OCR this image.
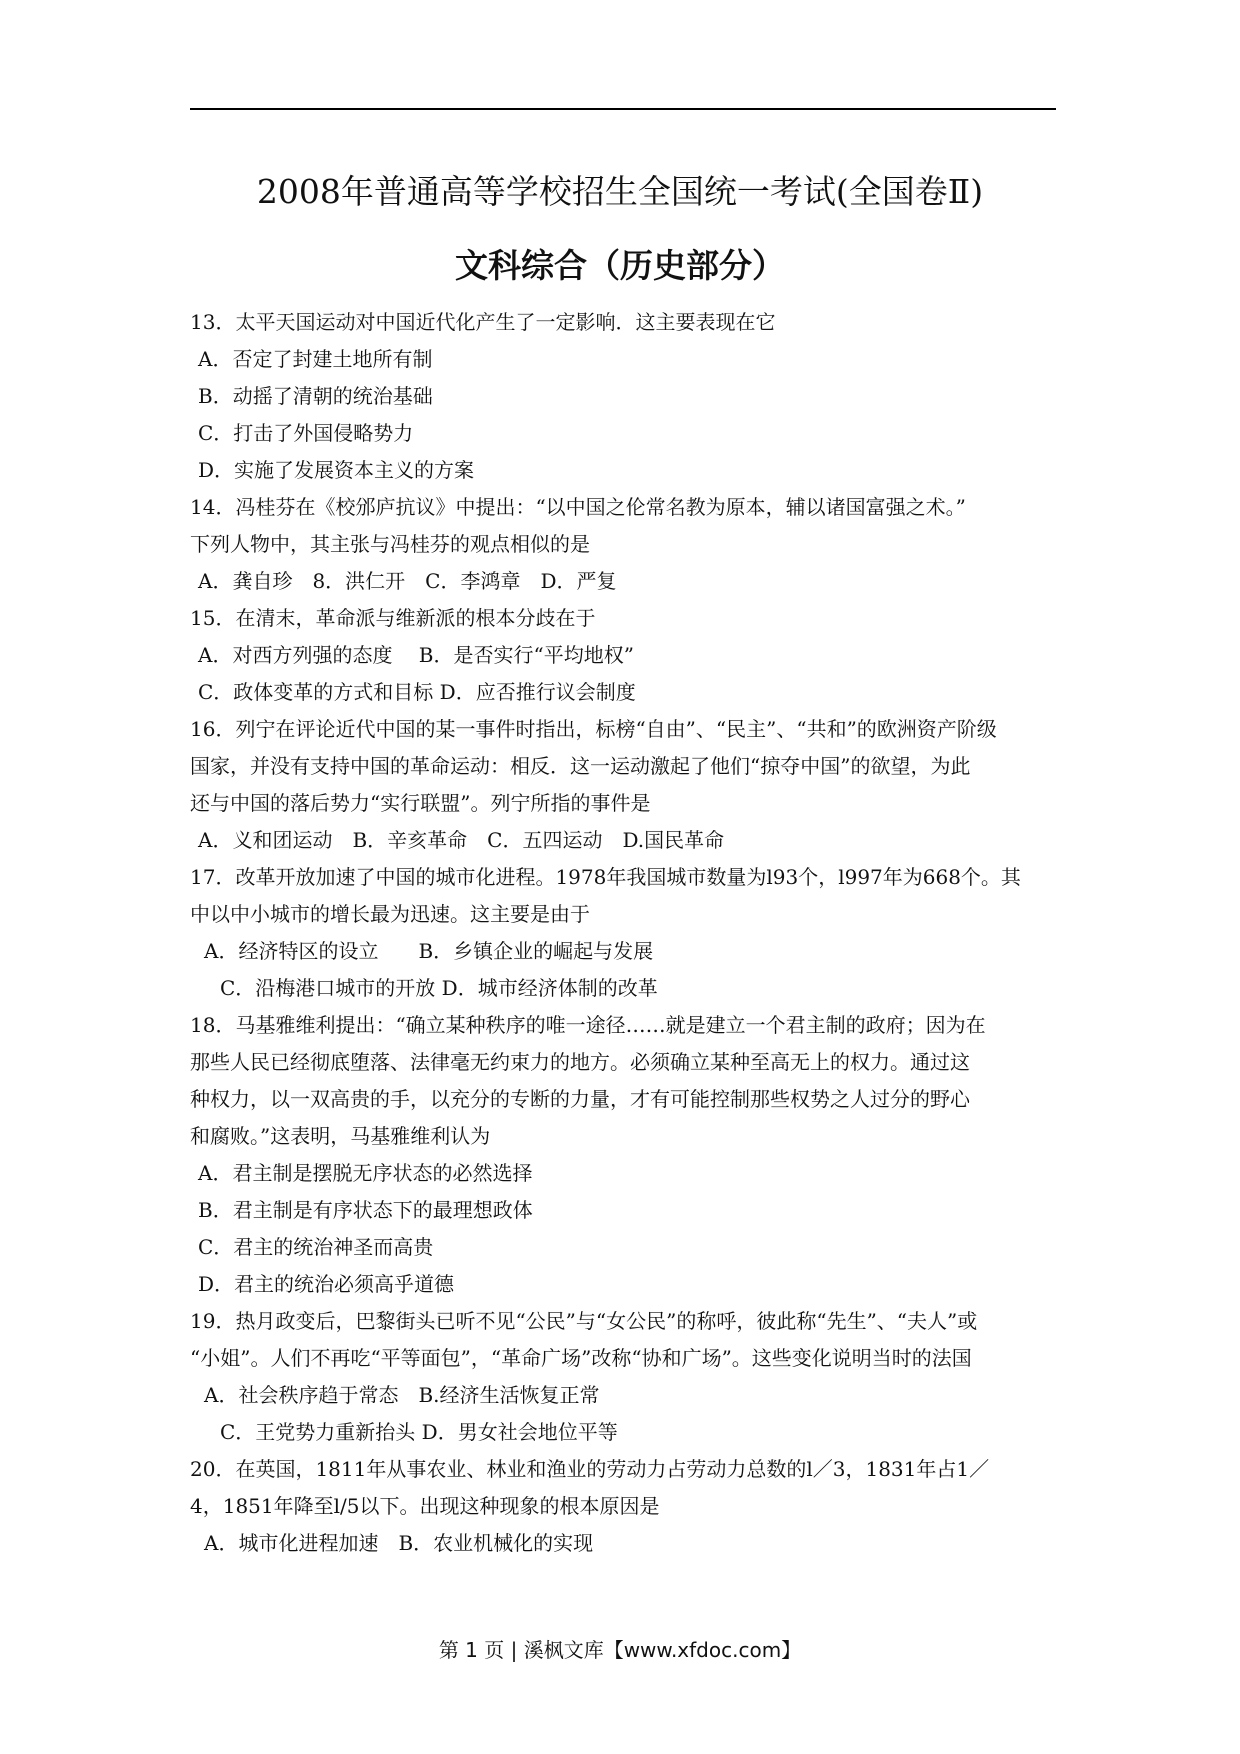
2008年普通高等学校招生全国统一考试(全国卷Ⅱ)
文科综合（历史部分）
13．太平天国运动对中国近代化产生了一定影响．这主要表现在它
A．否定了封建土地所有制
B．动摇了清朝的统治基础
C．打击了外国侵略势力
D．实施了发展资本主义的方案
14．冯桂芬在《校邠庐抗议》中提出：“以中国之伦常名教为原本，辅以诸国富强之术。”
下列人物中，其主张与冯桂芬的观点相似的是
A．龚自珍　8．洪仁开　C．李鸿章　D．严复
15．在清末，革命派与维新派的根本分歧在于
A．对西方列强的态度　 B．是否实行“平均地权”
C．政体变革的方式和目标 D．应否推行议会制度
16．列宁在评论近代中国的某一事件时指出，标榜“自由”、“民主”、“共和”的欧洲资产阶级
国家，并没有支持中国的革命运动：相反．这一运动激起了他们“掠夺中国”的欲望，为此
还与中国的落后势力“实行联盟”。列宁所指的事件是
A．义和团运动　B．辛亥革命　C．五四运动　D.国民革命
17．改革开放加速了中国的城市化进程。1978年我国城市数量为l93个，l997年为668个。其
中以中小城市的增长最为迅速。这主要是由于
A．经济特区的设立　　B．乡镇企业的崛起与发展
C．沿梅港口城市的开放 D．城市经济体制的改革
18．马基雅维利提出：“确立某种秩序的唯一途径……就是建立一个君主制的政府；因为在
那些人民已经彻底堕落、法律毫无约束力的地方。必须确立某种至高无上的权力。通过这
种权力，以一双高贵的手，以充分的专断的力量，才有可能控制那些权势之人过分的野心
和腐败。”这表明，马基雅维利认为
A．君主制是摆脱无序状态的必然选择
B．君主制是有序状态下的最理想政体
C．君主的统治神圣而高贵
D．君主的统治必须高乎道德
19．热月政变后，巴黎街头已听不见“公民”与“女公民”的称呼，彼此称“先生”、“夫人”或
“小姐”。人们不再吃“平等面包”，“革命广场”改称“协和广场”。这些变化说明当时的法国
A．社会秩序趋于常态　B.经济生活恢复正常
C．王党势力重新抬头 D．男女社会地位平等
20．在英国，1811年从事农业、林业和渔业的劳动力占劳动力总数的l／3，1831年占1／
4，1851年降至l/5以下。出现这种现象的根本原因是
A．城市化进程加速　B．农业机械化的实现
第 1 页 | 溪枫文库【www.xfdoc.com】
